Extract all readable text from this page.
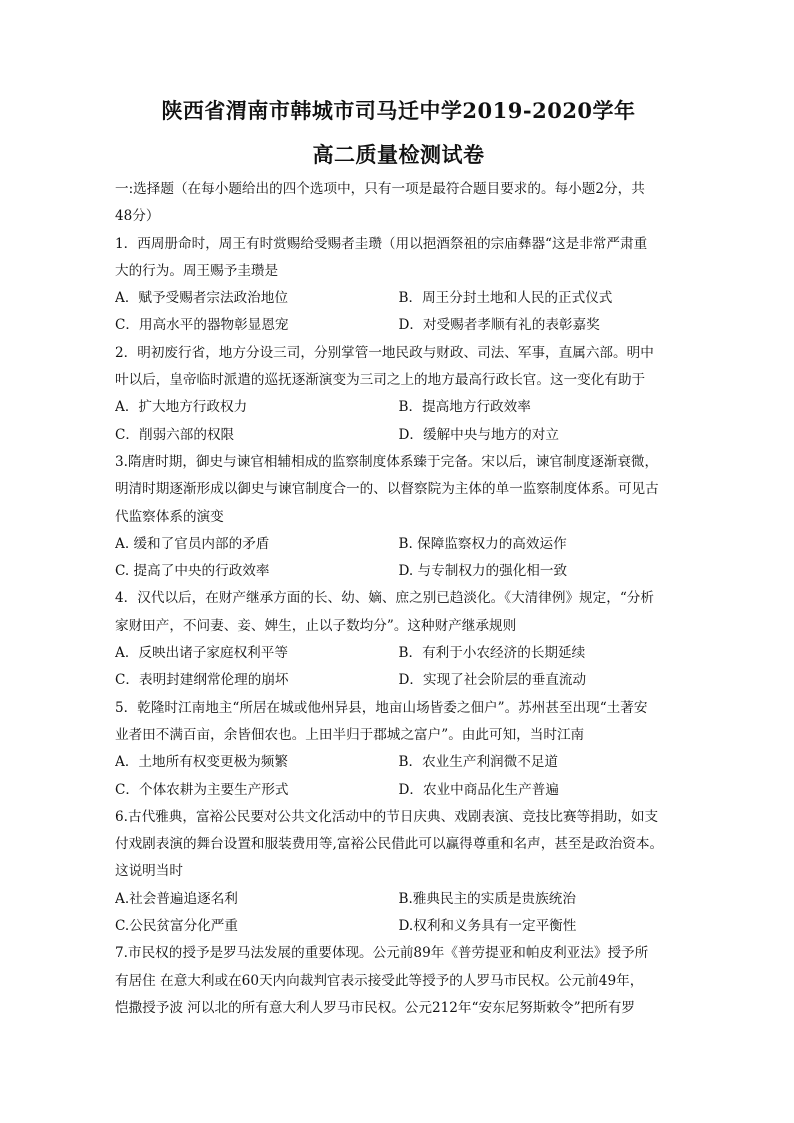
陕西省渭南市韩城市司马迁中学2019-2020学年
高二质量检测试卷

一:选择题（在每小题给出的四个选项中，只有一项是最符合题目要求的。每小题2分，共

48分）

1．西周册命时，周王有时赏赐给受赐者圭瓒（用以挹酒祭祖的宗庙彝器“这是非常严肃重

大的行为。周王赐予圭瓒是

A．赋予受赐者宗法政治地位	B．周王分封土地和人民的正式仪式
C．用高水平的器物彰显恩宠	D．对受赐者孝顺有礼的表彰嘉奖

2．明初废行省，地方分设三司，分别掌管一地民政与财政、司法、军事，直属六部。明中

叶以后，皇帝临时派遣的巡抚逐渐演变为三司之上的地方最高行政长官。这一变化有助于

A．扩大地方行政权力	B．提高地方行政效率
C．削弱六部的权限	D．缓解中央与地方的对立

3.隋唐时期，御史与谏官相辅相成的监察制度体系臻于完备。宋以后，谏官制度逐渐衰微，

明清时期逐渐形成以御史与谏官制度合一的、以督察院为主体的单一监察制度体系。可见古

代监察体系的演变

A. 缓和了官员内部的矛盾	B. 保障监察权力的高效运作
C. 提高了中央的行政效率	D. 与专制权力的强化相一致

4．汉代以后，在财产继承方面的长、幼、嫡、庶之别已趋淡化。《大清律例》规定，“分析

家财田产，不问妻、妾、婢生，止以子数均分”。这种财产继承规则

A．反映出诸子家庭权利平等	B．有利于小农经济的长期延续
C．表明封建纲常伦理的崩坏	D．实现了社会阶层的垂直流动

5．乾隆时江南地主“所居在城或他州异县，地亩山场皆委之佃户”。苏州甚至出现“土著安

业者田不满百亩，余皆佃农也。上田半归于郡城之富户”。由此可知，当时江南

A．土地所有权变更极为频繁	B．农业生产利润微不足道
C．个体农耕为主要生产形式	D．农业中商品化生产普遍

6.古代雅典，富裕公民要对公共文化活动中的节日庆典、戏剧表演、竞技比赛等捐助，如支

付戏剧表演的舞台设置和服装费用等,富裕公民借此可以赢得尊重和名声，甚至是政治资本。

这说明当时

A.社会普遍追逐名利	B.雅典民主的实质是贵族统治
C.公民贫富分化严重	D.权利和义务具有一定平衡性

7.市民权的授予是罗马法发展的重要体现。公元前89年《普劳提亚和帕皮利亚法》授予所

有居住 在意大利或在60天内向裁判官表示接受此等授予的人罗马市民权。公元前49年，

恺撒授予波 河以北的所有意大利人罗马市民权。公元212年“安东尼努斯敕令”把所有罗
